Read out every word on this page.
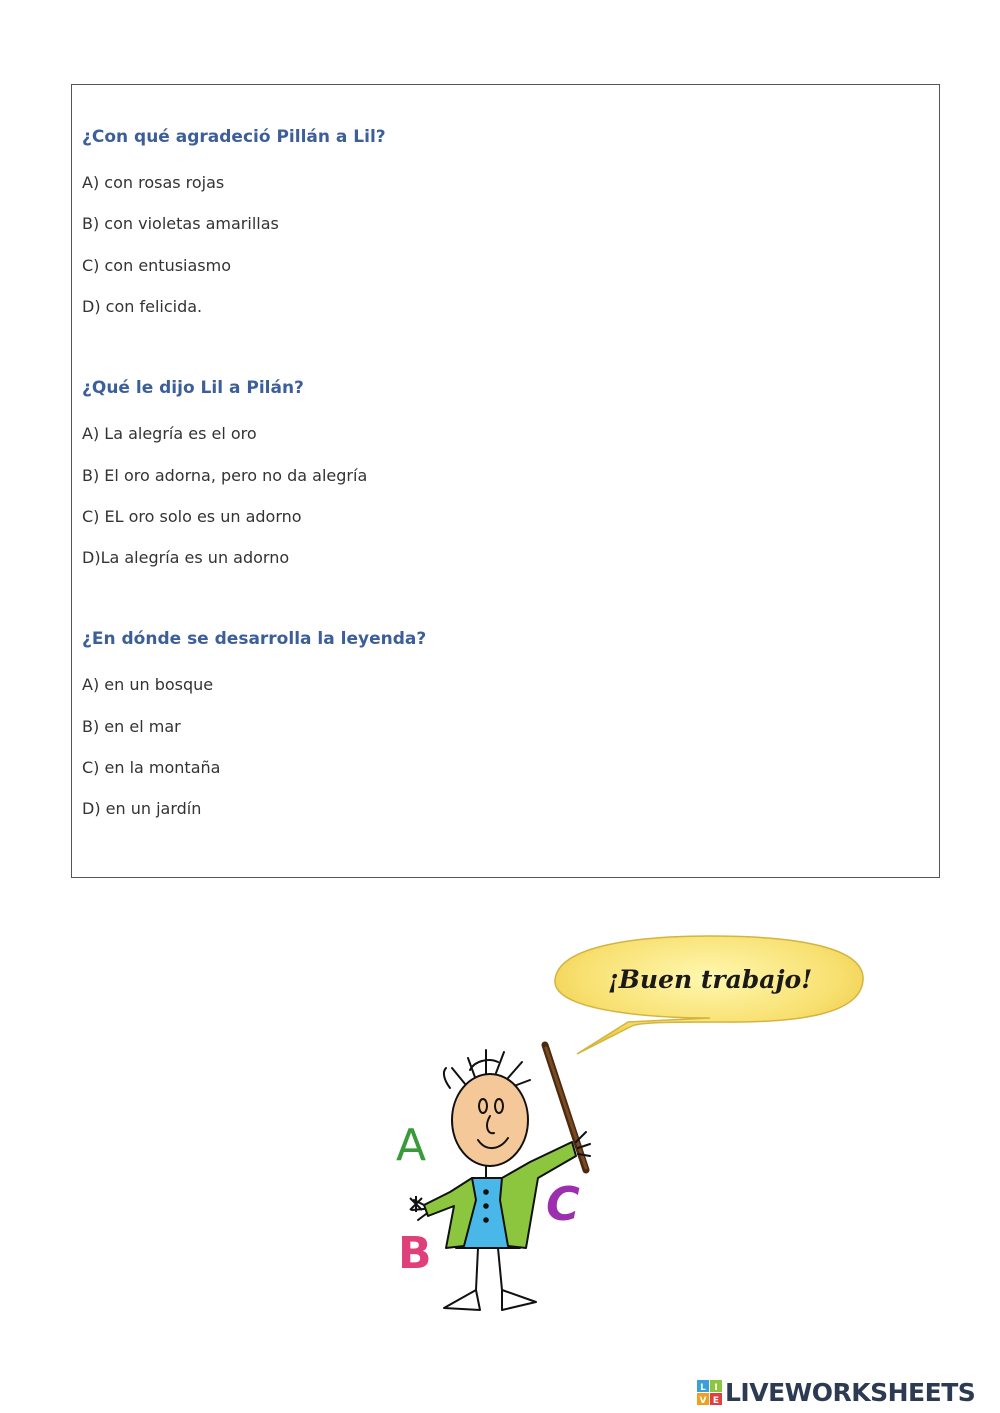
¿Con qué agradeció Pillán a Lil?

A) con rosas rojas

B) con violetas amarillas

C) con entusiasmo

D) con felicida.

¿Qué le dijo Lil a Pilán?

A) La alegría es el oro

B) El oro adorna, pero no da alegría

C) EL oro solo es un adorno

D)La alegría es un adorno

¿En dónde se desarrolla la leyenda?

A) en un bosque

B) en el mar

C) en la montaña

D) en un jardín

¡Buen trabajo!
A
B
C
L I
V E LIVEWORKSHEETS
